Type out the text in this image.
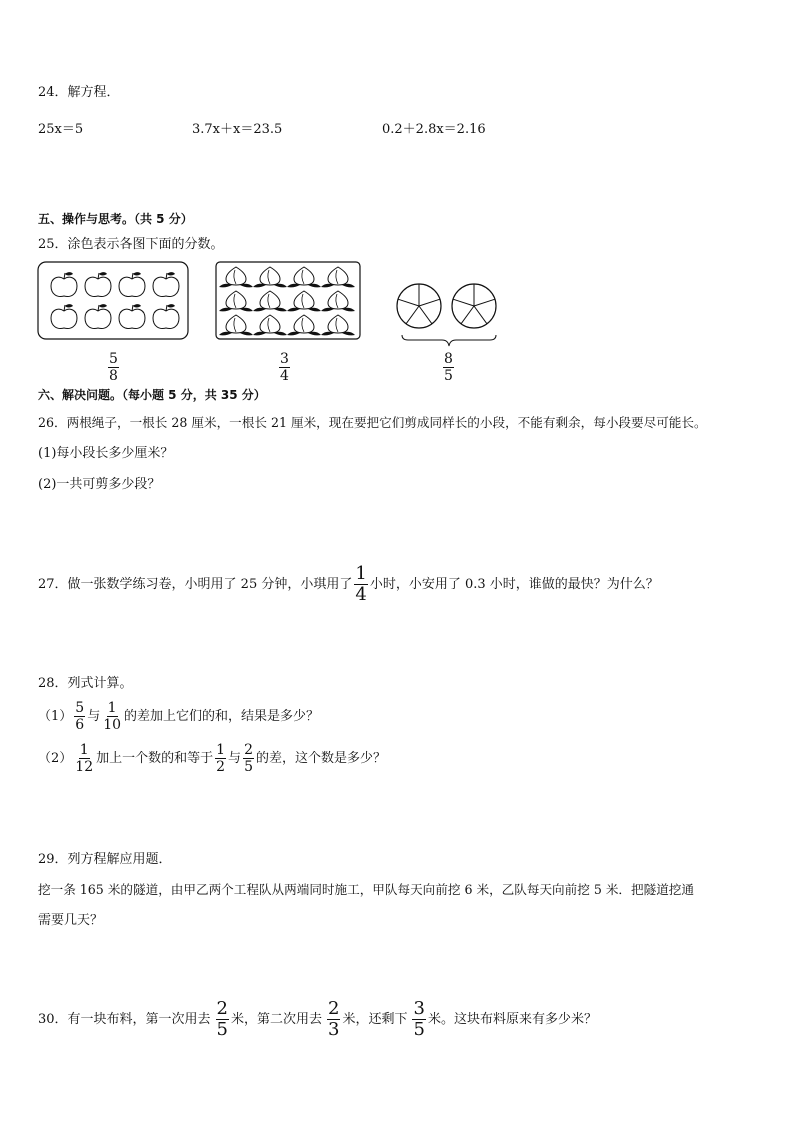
24．解方程．
25x＝5	3.7x＋x＝23.5	0.2＋2.8x＝2.16
五、操作与思考。（共 5 分）
25．涂色表示各图下面的分数。
$\frac{5}{8}$	$\frac{3}{4}$	$\frac{8}{5}$
六、解决问题。（每小题 5 分，共 35 分）
26．两根绳子，一根长 28 厘米，一根长 21 厘米，现在要把它们剪成同样长的小段，不能有剩余，每小段要尽可能长。
(1)每小段长多少厘米？
(2)一共可剪多少段？
27．做一张数学练习卷，小明用了 25 分钟，小琪用了 $\frac{1}{4}$ 小时，小安用了 0.3 小时，谁做的最快？为什么？
28．列式计算。
$(1) \frac{5}{6}$ 与 $\frac{1}{10}$ 的差加上它们的和，结果是多少？
$(2) \frac{1}{12}$ 加上一个数的和等于 $\frac{1}{2}$ 与 $\frac{2}{5}$ 的差，这个数是多少？
29．列方程解应用题．
挖一条 165 米的隧道，由甲乙两个工程队从两端同时施工，甲队每天向前挖 6 米，乙队每天向前挖 5 米．把隧道挖通
需要几天？
30．有一块布料，第一次用去 $\frac{2}{5}$ 米，第二次用去 $\frac{2}{3}$ 米，还剩下 $\frac{3}{5}$ 米。这块布料原来有多少米？
